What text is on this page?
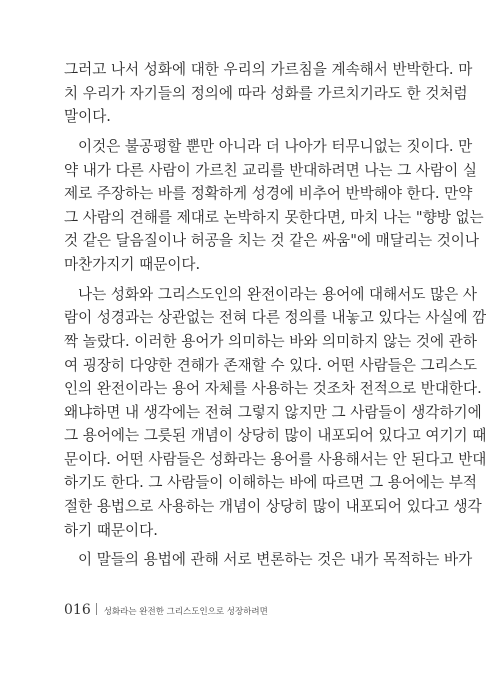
그러고 나서 성화에 대한 우리의 가르침을 계속해서 반박한다. 마
치 우리가 자기들의 정의에 따라 성화를 가르치기라도 한 것처럼
말이다.
이것은 불공평할 뿐만 아니라 더 나아가 터무니없는 짓이다. 만
약 내가 다른 사람이 가르친 교리를 반대하려면 나는 그 사람이 실
제로 주장하는 바를 정확하게 성경에 비추어 반박해야 한다. 만약
그 사람의 견해를 제대로 논박하지 못한다면, 마치 나는 "향방 없는
것 같은 달음질이나 허공을 치는 것 같은 싸움"에 매달리는 것이나
마찬가지기 때문이다.
나는 성화와 그리스도인의 완전이라는 용어에 대해서도 많은 사
람이 성경과는 상관없는 전혀 다른 정의를 내놓고 있다는 사실에 깜
짝 놀랐다. 이러한 용어가 의미하는 바와 의미하지 않는 것에 관하
여 굉장히 다양한 견해가 존재할 수 있다. 어떤 사람들은 그리스도
인의 완전이라는 용어 자체를 사용하는 것조차 전적으로 반대한다.
왜냐하면 내 생각에는 전혀 그렇지 않지만 그 사람들이 생각하기에
그 용어에는 그릇된 개념이 상당히 많이 내포되어 있다고 여기기 때
문이다. 어떤 사람들은 성화라는 용어를 사용해서는 안 된다고 반대
하기도 한다. 그 사람들이 이해하는 바에 따르면 그 용어에는 부적
절한 용법으로 사용하는 개념이 상당히 많이 내포되어 있다고 생각
하기 때문이다.
이 말들의 용법에 관해 서로 변론하는 것은 내가 목적하는 바가
016 성화라는 완전한 그리스도인으로 성장하려면
